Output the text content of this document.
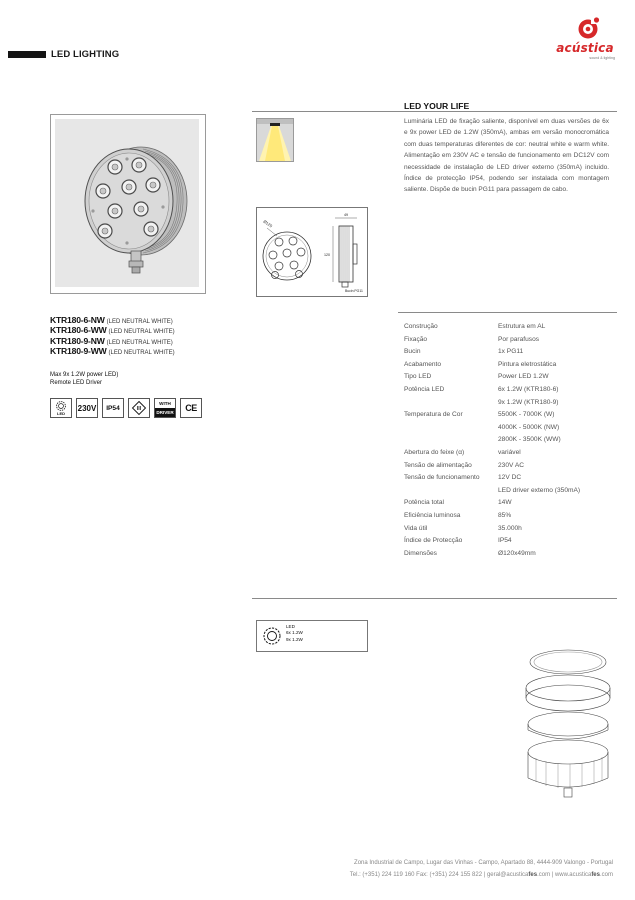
LED LIGHTING	acústica
sound & lighting
KTR180-6-NW (LED NEUTRAL WHITE)
KTR180-6-WW (LED NEUTRAL WHITE)
KTR180-9-NW (LED NEUTRAL WHITE)
KTR180-9-WW (LED NEUTRAL WHITE)
Max 9x 1.2W power LED)
Remote LED Driver
LED
230V	IP54	III
WITH
DRIVER	CE
LED YOUR LIFE
Luminária LED de fixação saliente, disponível em duas versões de 6x e 9x power LED de 1.2W (350mA), ambas em versão monocromática com duas temperaturas diferentes de cor: neutral white e warm white. Alimentação em 230V AC e tensão de funcionamento em DC12V com necessidade de instalação de LED driver externo (350mA) incluido. Índice de protecção IP54, podendo ser instalada com montagem saliente. Dispõe de bucin PG11 para passagem de cabo.
Ø120
49
120
Bucin PG11
Construção	Estrutura em AL
Fixação	Por parafusos
Bucin	1x PG11
Acabamento	Pintura eletrostática
Tipo LED	Power LED 1.2W
Potência LED	6x 1.2W (KTR180-6)
9x 1.2W (KTR180-9)
Temperatura de Cor	5500K - 7000K (W)
4000K - 5000K (NW)
2800K - 3500K (WW)
Abertura do feixe (α)	variável
Tensão de alimentação	230V AC
Tensão de funcionamento	12V DC
LED driver externo (350mA)
Potência total	14W
Eficiência luminosa	85%
Vida útil	35.000h
Índice de Protecção	IP54
Dimensões	Ø120x49mm
LED
6x 1.2W
9x 1.2W
Zona Industrial de Campo, Lugar das Vinhas - Campo, Apartado 88, 4444-909 Valongo - Portugal
Tel.: (+351) 224 119 160 Fax: (+351) 224 155 822 | geral@acusticafes.com | www.acusticafes.com
